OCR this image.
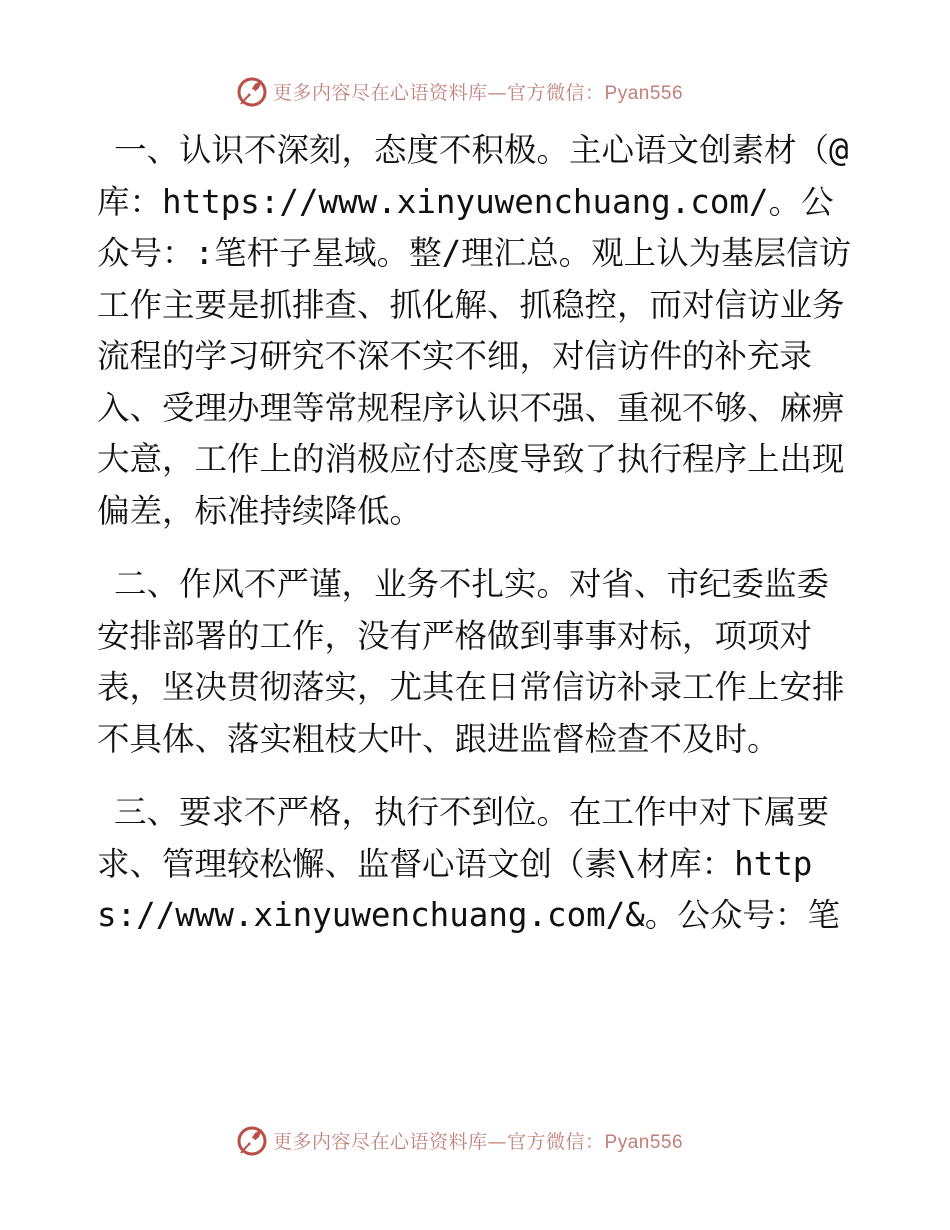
更多内容尽在心语资料库—官方微信：Pyan556

一、认识不深刻，态度不积极。主心语文创素材（@库：https://www.xinyuwenchuang.com/。公众号：:笔杆子星域。整/理汇总。观上认为基层信访工作主要是抓排查、抓化解、抓稳控，而对信访业务流程的学习研究不深不实不细，对信访件的补充录入、受理办理等常规程序认识不强、重视不够、麻痹大意，工作上的消极应付态度导致了执行程序上出现偏差，标准持续降低。

二、作风不严谨，业务不扎实。对省、市纪委监委安排部署的工作，没有严格做到事事对标，项项对表，坚决贯彻落实，尤其在日常信访补录工作上安排不具体、落实粗枝大叶、跟进监督检查不及时。

三、要求不严格，执行不到位。在工作中对下属要求、管理较松懈、监督心语文创（素\材库：https://www.xinyuwenchuang.com/&。公众号：笔

更多内容尽在心语资料库—官方微信：Pyan556
